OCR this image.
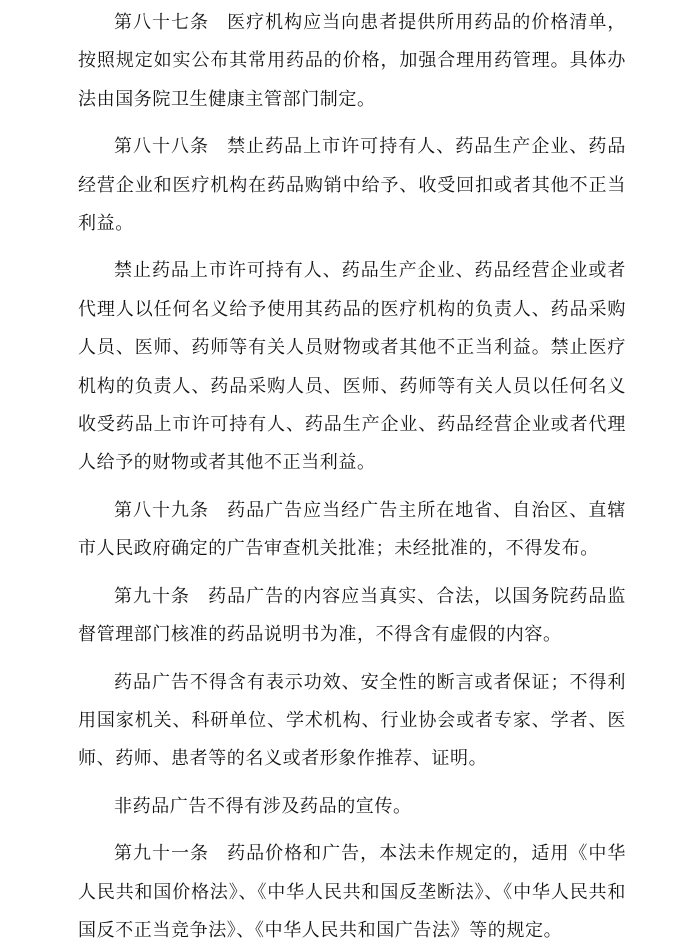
第八十七条 医疗机构应当向患者提供所用药品的价格清单，按照规定如实公布其常用药品的价格，加强合理用药管理。具体办法由国务院卫生健康主管部门制定。

第八十八条 禁止药品上市许可持有人、药品生产企业、药品经营企业和医疗机构在药品购销中给予、收受回扣或者其他不正当利益。

禁止药品上市许可持有人、药品生产企业、药品经营企业或者代理人以任何名义给予使用其药品的医疗机构的负责人、药品采购人员、医师、药师等有关人员财物或者其他不正当利益。禁止医疗机构的负责人、药品采购人员、医师、药师等有关人员以任何名义收受药品上市许可持有人、药品生产企业、药品经营企业或者代理人给予的财物或者其他不正当利益。

第八十九条 药品广告应当经广告主所在地省、自治区、直辖市人民政府确定的广告审查机关批准；未经批准的，不得发布。

第九十条 药品广告的内容应当真实、合法，以国务院药品监督管理部门核准的药品说明书为准，不得含有虚假的内容。

药品广告不得含有表示功效、安全性的断言或者保证；不得利用国家机关、科研单位、学术机构、行业协会或者专家、学者、医师、药师、患者等的名义或者形象作推荐、证明。

非药品广告不得有涉及药品的宣传。

第九十一条 药品价格和广告，本法未作规定的，适用《中华人民共和国价格法》、《中华人民共和国反垄断法》、《中华人民共和国反不正当竞争法》、《中华人民共和国广告法》等的规定。
